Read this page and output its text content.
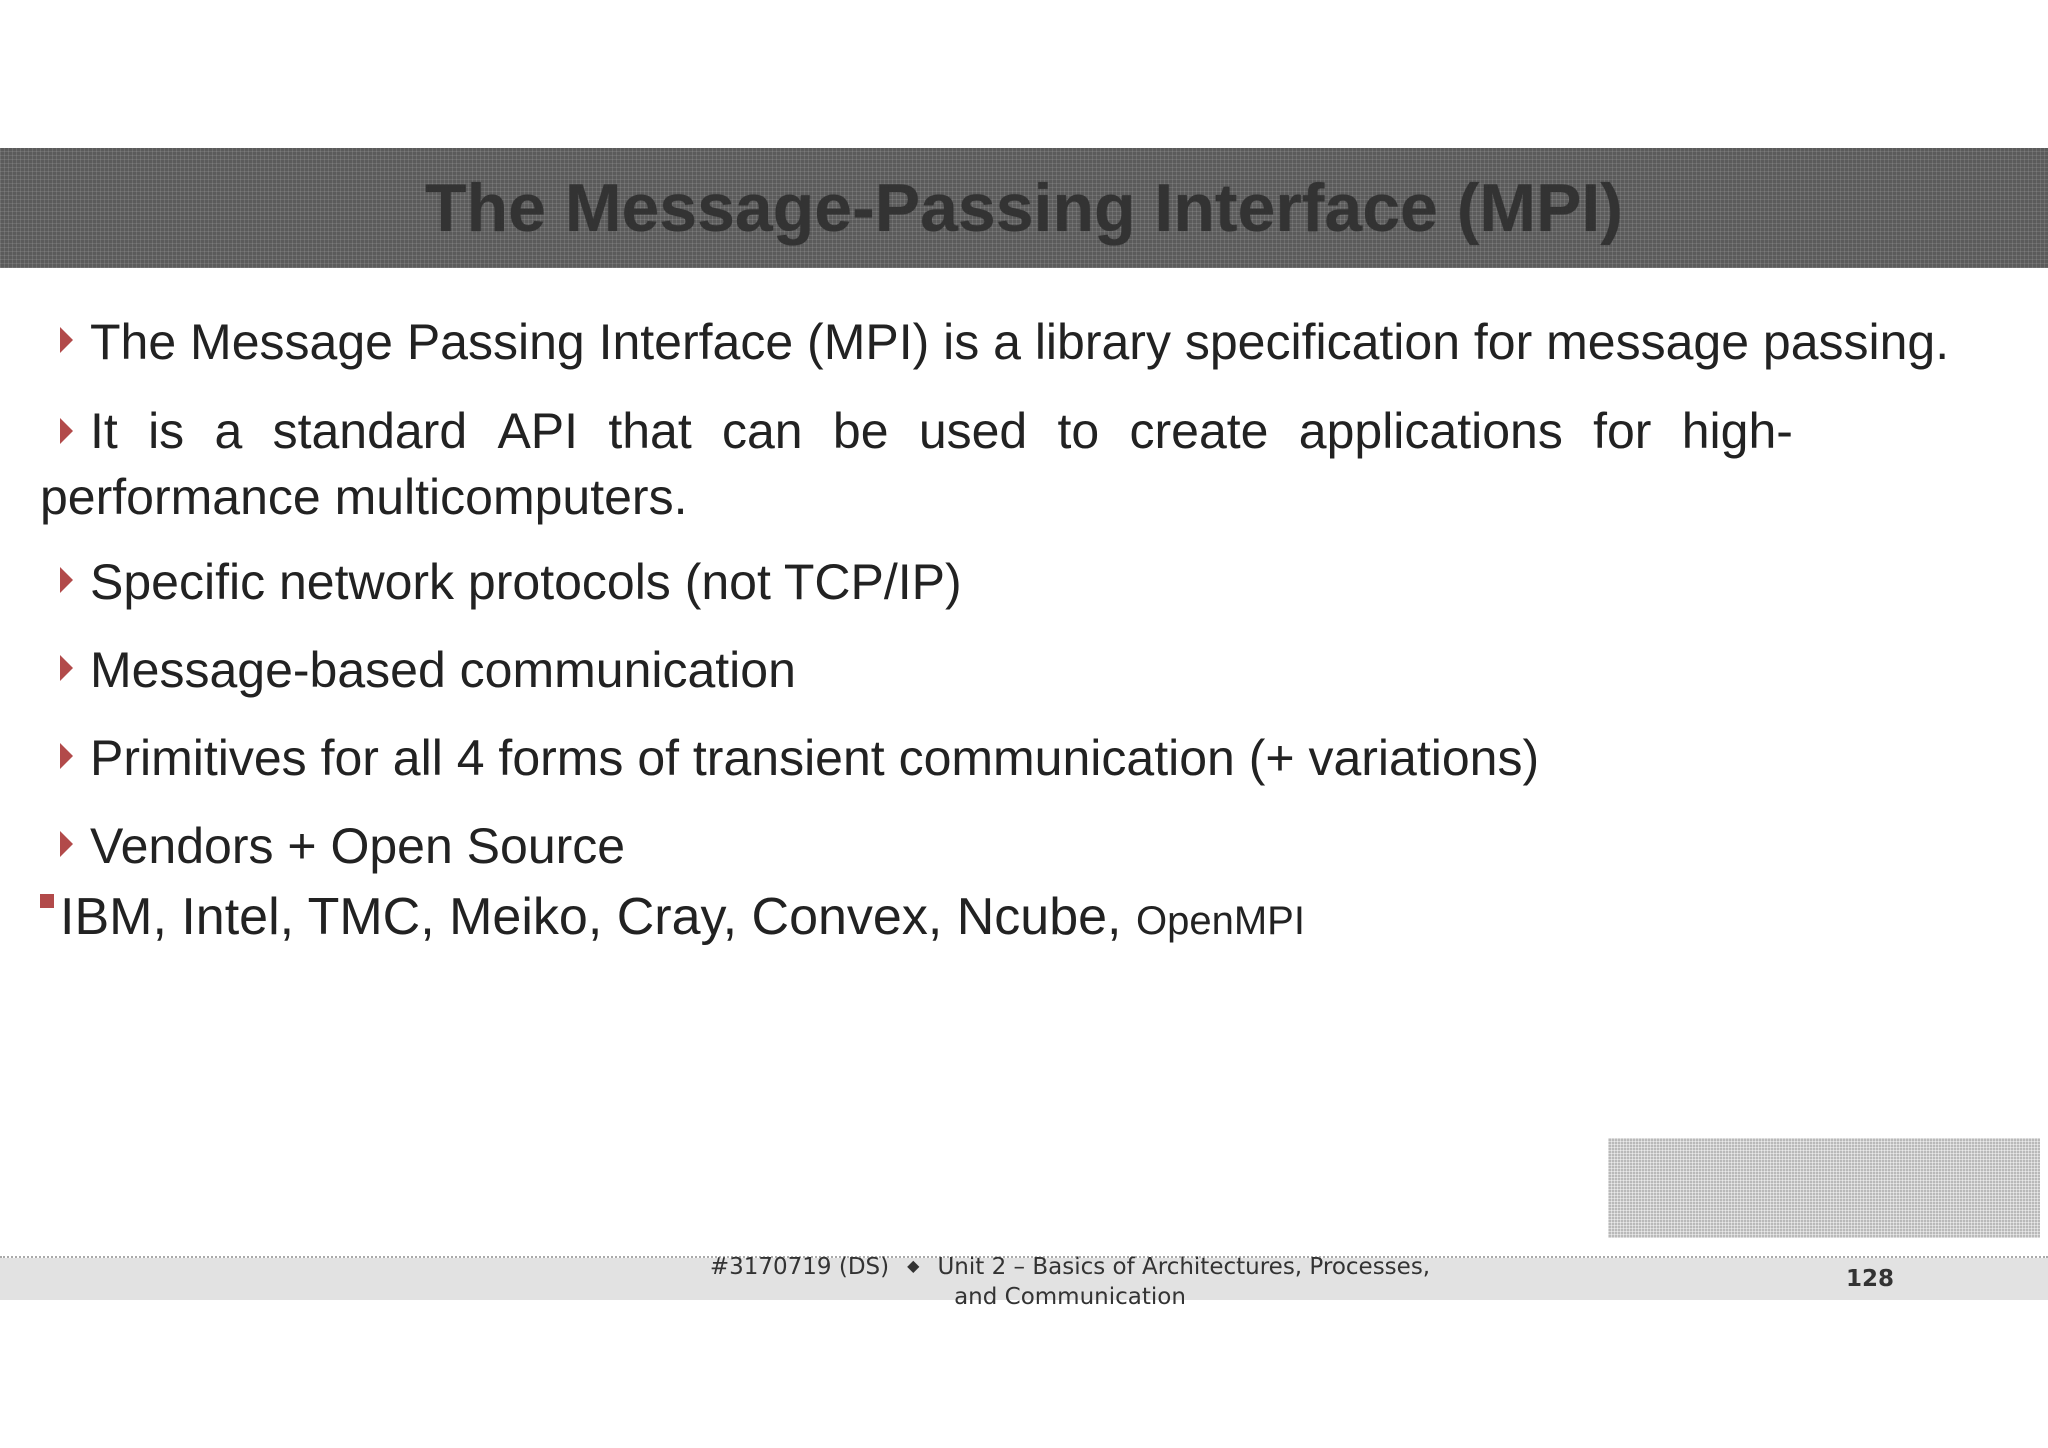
The Message-Passing Interface (MPI)
The Message Passing Interface (MPI) is a library specification for message passing.
It is a standard API that can be used to create applications for high-
performance multicomputers.
Specific network protocols (not TCP/IP)
Message-based communication
Primitives for all 4 forms of transient communication (+ variations)
Vendors + Open Source
IBM, Intel, TMC, Meiko, Cray, Convex, Ncube, OpenMPI
#3170719 (DS) ◆ Unit 2 – Basics of Architectures, Processes, and Communication
128
